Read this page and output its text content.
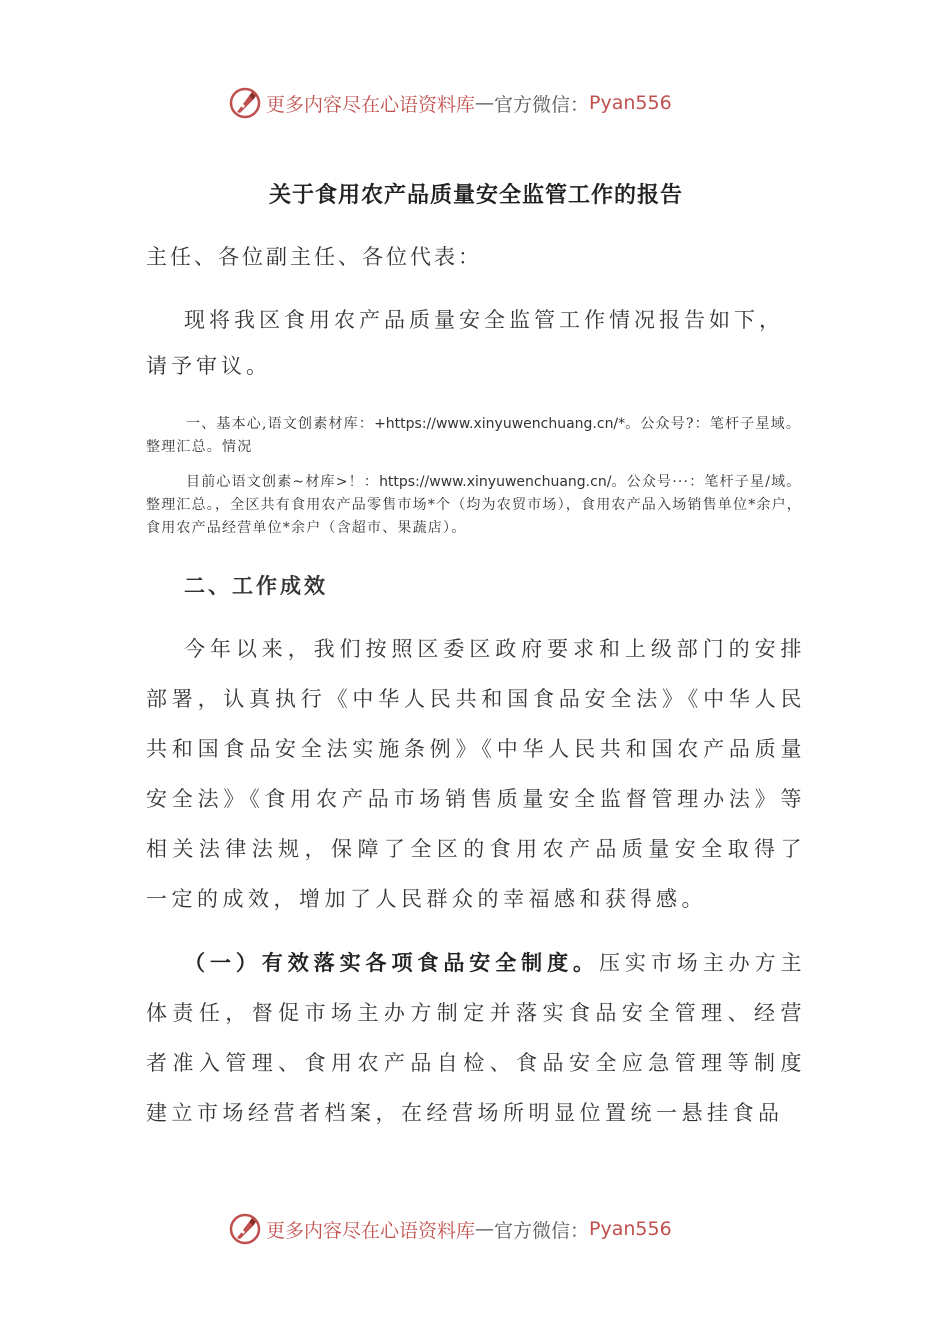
更多内容尽在心语资料库 — 官方微信： Pyan556
关于食用农产品质量安全监管工作的报告
主任、各位副主任、各位代表：
现将我区食用农产品质量安全监管工作情况报告如下，请予审议。
一、基本心,语文创素材库：+https://www.xinyuwenchuang.cn/*。公众号?：笔杆子星域。整理汇总。情况
目前心语文创素~材库>！：https://www.xinyuwenchuang.cn/。公众号···：笔杆子星/域。整理汇总。，全区共有食用农产品零售市场*个（均为农贸市场），食用农产品入场销售单位*余户，食用农产品经营单位*余户（含超市、果蔬店）。
二、工作成效
今年以来，我们按照区委区政府要求和上级部门的安排部署，认真执行《中华人民共和国食品安全法》《中华人民共和国食品安全法实施条例》《中华人民共和国农产品质量安全法》《食用农产品市场销售质量安全监督管理办法》等相关法律法规，保障了全区的食用农产品质量安全取得了一定的成效，增加了人民群众的幸福感和获得感。
（一）有效落实各项食品安全制度。压实市场主办方主体责任，督促市场主办方制定并落实食品安全管理、经营者准入管理、食用农产品自检、食品安全应急管理等制度建立市场经营者档案，在经营场所明显位置统一悬挂食品
更多内容尽在心语资料库 — 官方微信： Pyan556
